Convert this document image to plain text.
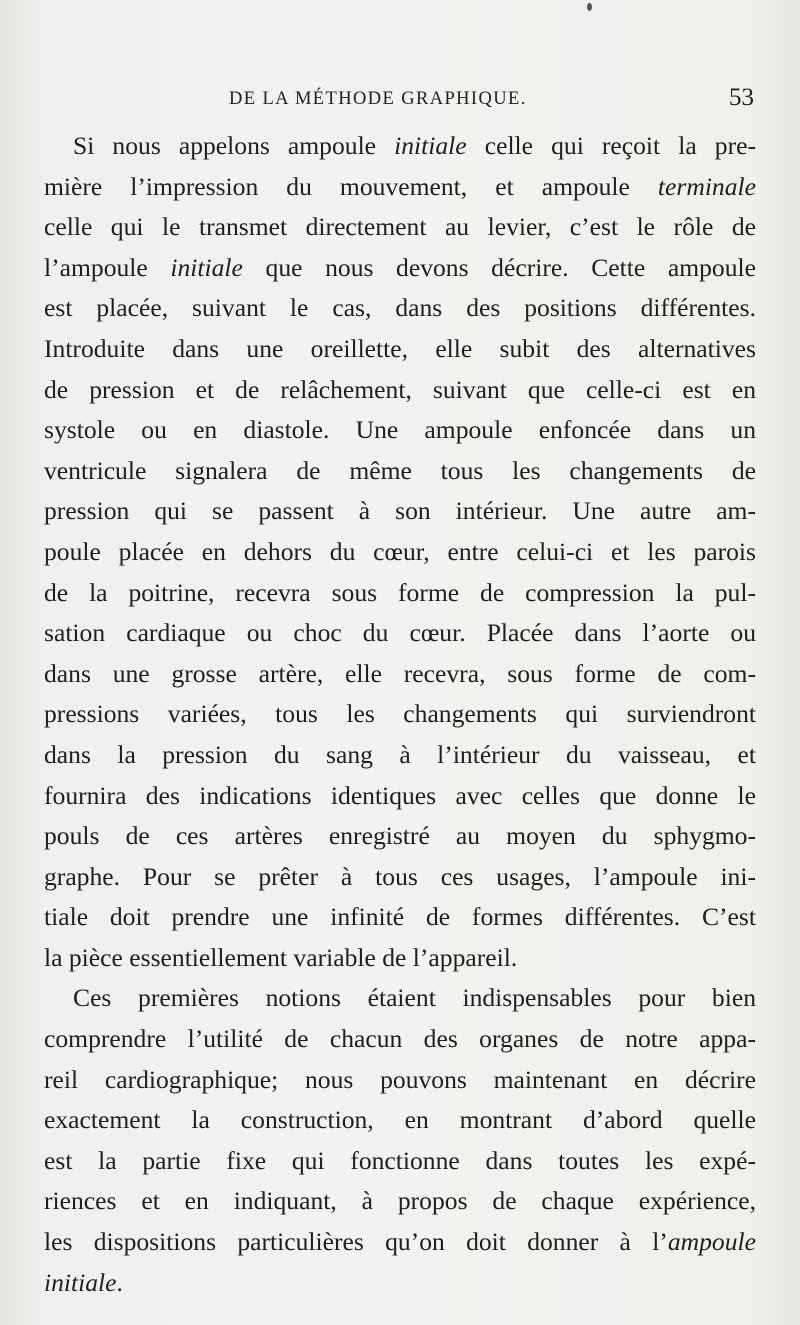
DE LA MÉTHODE GRAPHIQUE.	53
Si nous appelons ampoule initiale celle qui reçoit la pre-
mière l’impression du mouvement, et ampoule terminale
celle qui le transmet directement au levier, c’est le rôle de
l’ampoule initiale que nous devons décrire. Cette ampoule
est placée, suivant le cas, dans des positions différentes.
Introduite dans une oreillette, elle subit des alternatives
de pression et de relâchement, suivant que celle-ci est en
systole ou en diastole. Une ampoule enfoncée dans un
ventricule signalera de même tous les changements de
pression qui se passent à son intérieur. Une autre am-
poule placée en dehors du cœur, entre celui-ci et les parois
de la poitrine, recevra sous forme de compression la pul-
sation cardiaque ou choc du cœur. Placée dans l’aorte ou
dans une grosse artère, elle recevra, sous forme de com-
pressions variées, tous les changements qui surviendront
dans la pression du sang à l’intérieur du vaisseau, et
fournira des indications identiques avec celles que donne le
pouls de ces artères enregistré au moyen du sphygmo-
graphe. Pour se prêter à tous ces usages, l’ampoule ini-
tiale doit prendre une infinité de formes différentes. C’est
la pièce essentiellement variable de l’appareil.
Ces premières notions étaient indispensables pour bien
comprendre l’utilité de chacun des organes de notre appa-
reil cardiographique; nous pouvons maintenant en décrire
exactement la construction, en montrant d’abord quelle
est la partie fixe qui fonctionne dans toutes les expé-
riences et en indiquant, à propos de chaque expérience,
les dispositions particulières qu’on doit donner à l’ampoule
initiale.
